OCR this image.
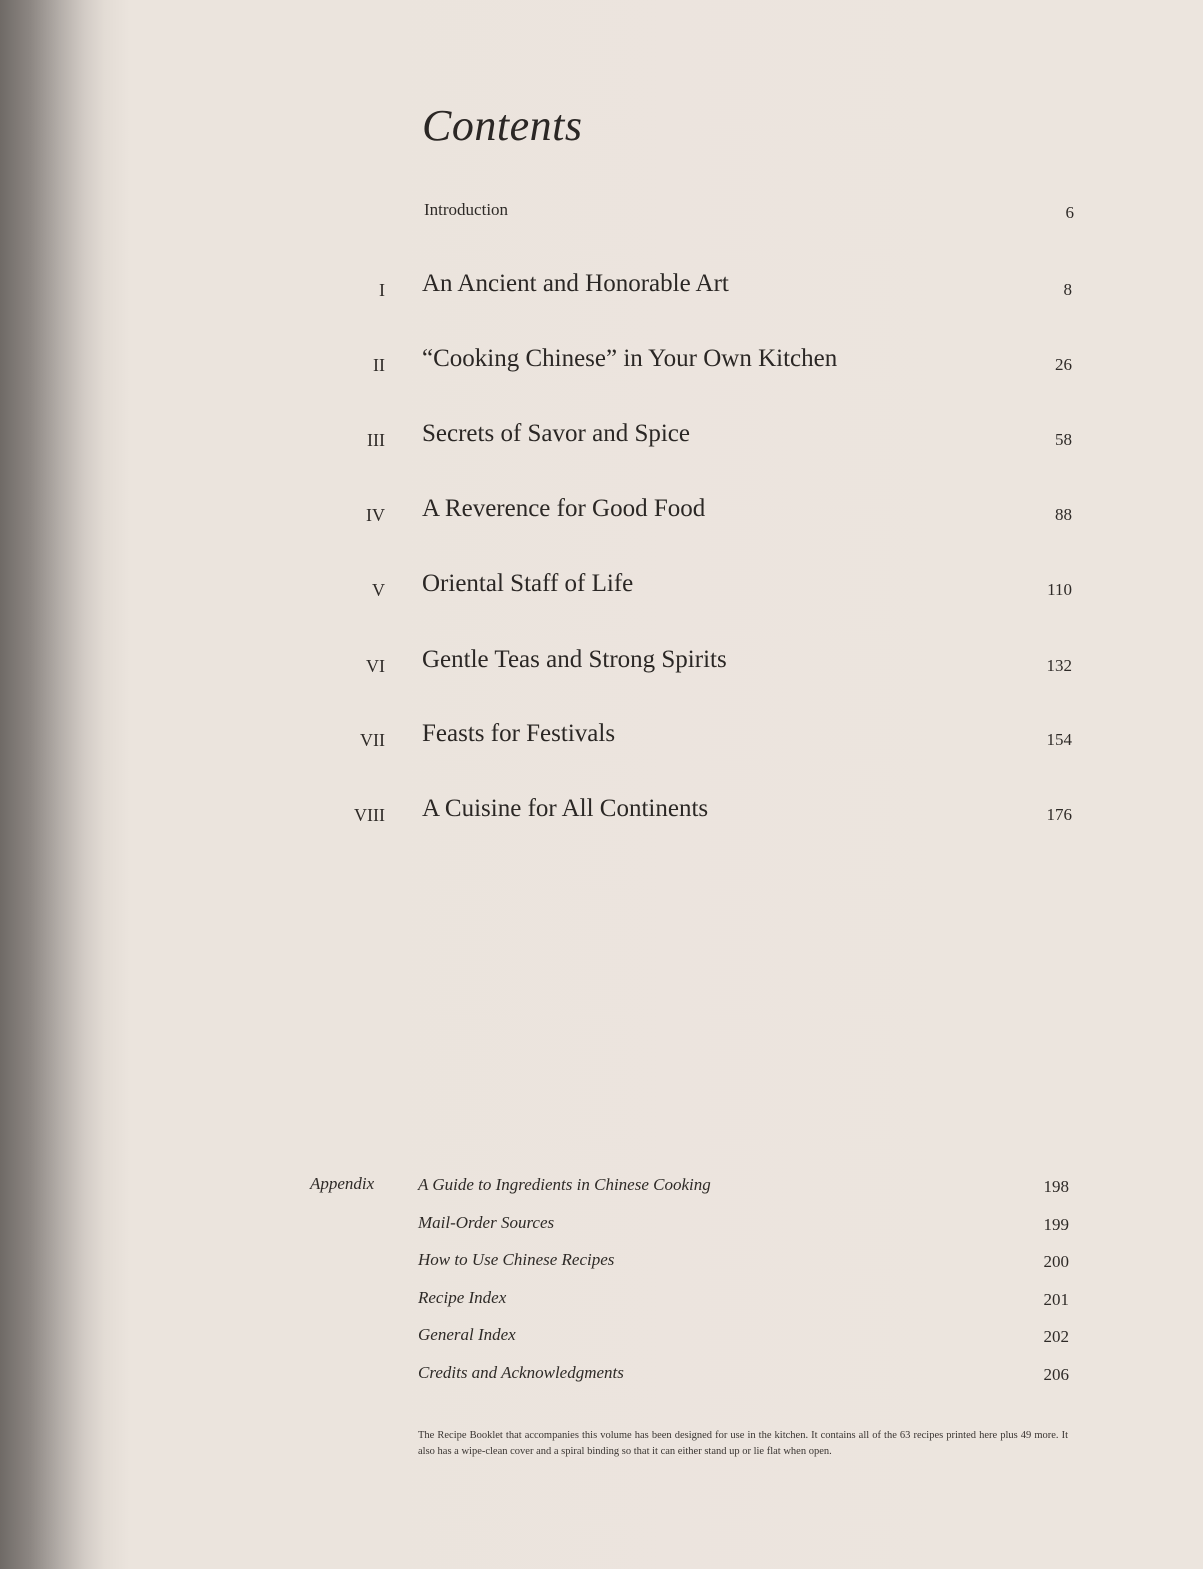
Contents
Introduction	6
I An Ancient and Honorable Art	8
II “Cooking Chinese” in Your Own Kitchen	26
III Secrets of Savor and Spice	58
IV A Reverence for Good Food	88
V Oriental Staff of Life	110
VI Gentle Teas and Strong Spirits	132
VII Feasts for Festivals	154
VIII A Cuisine for All Continents	176
Appendix	A Guide to Ingredients in Chinese Cooking	198
Mail-Order Sources	199
How to Use Chinese Recipes	200
Recipe Index	201
General Index	202
Credits and Acknowledgments	206
The Recipe Booklet that accompanies this volume has been designed for use in the kitchen. It contains all of the 63 recipes printed here plus 49 more. It also has a wipe-clean cover and a spiral binding so that it can either stand up or lie flat when open.
